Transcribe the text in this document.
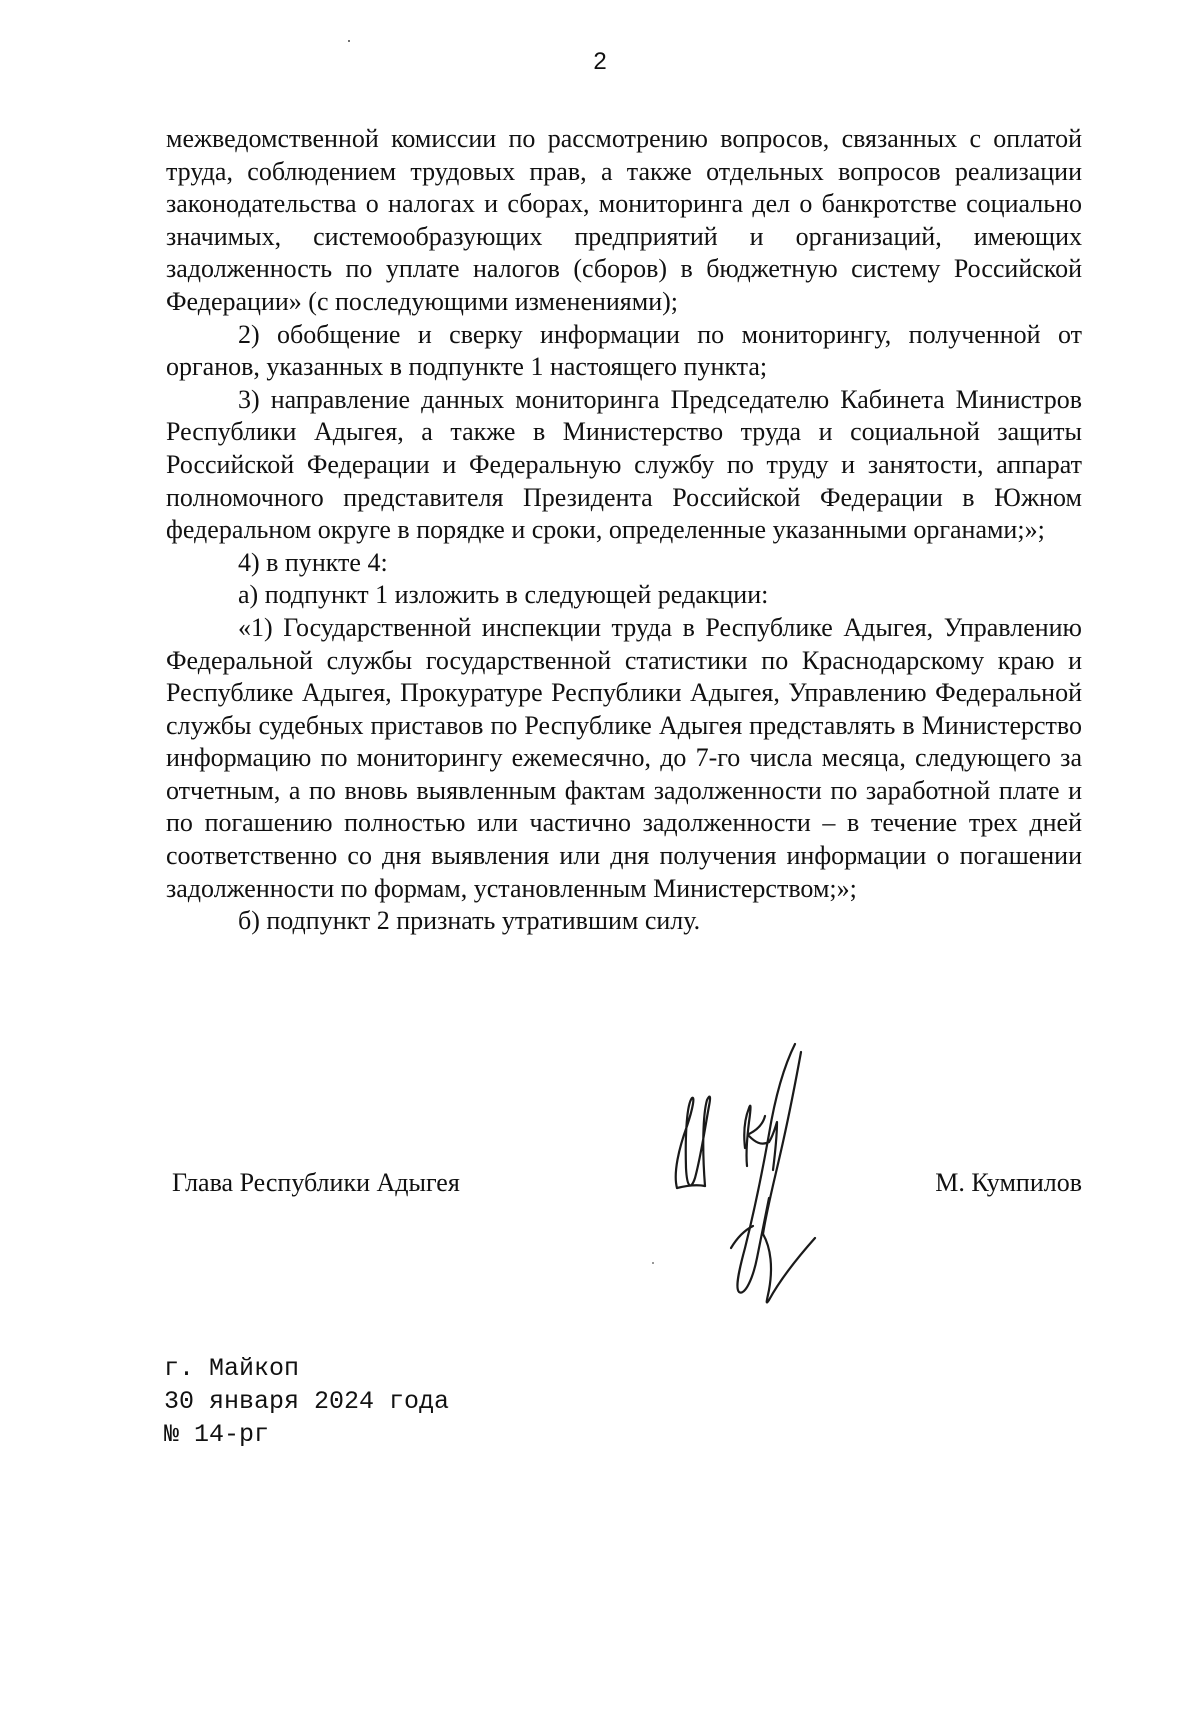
2

межведомственной комиссии по рассмотрению вопросов, связанных с оплатой труда, соблюдением трудовых прав, а также отдельных вопросов реализации законодательства о налогах и сборах, мониторинга дел о банкротстве социально значимых, системообразующих предприятий и организаций, имеющих задолженность по уплате налогов (сборов) в бюджетную систему Российской Федерации» (с последующими изменениями);

2) обобщение и сверку информации по мониторингу, полученной от органов, указанных в подпункте 1 настоящего пункта;

3) направление данных мониторинга Председателю Кабинета Министров Республики Адыгея, а также в Министерство труда и социальной защиты Российской Федерации и Федеральную службу по труду и занятости, аппарат полномочного представителя Президента Российской Федерации в Южном федеральном округе в порядке и сроки, определенные указанными органами;»;

4) в пункте 4:

а) подпункт 1 изложить в следующей редакции:

«1) Государственной инспекции труда в Республике Адыгея, Управлению Федеральной службы государственной статистики по Краснодарскому краю и Республике Адыгея, Прокуратуре Республики Адыгея, Управлению Федеральной службы судебных приставов по Республике Адыгея представлять в Министерство информацию по мониторингу ежемесячно, до 7-го числа месяца, следующего за отчетным, а по вновь выявленным фактам задолженности по заработной плате и по погашению полностью или частично задолженности – в течение трех дней соответственно со дня выявления или дня получения информации о погашении задолженности по формам, установленным Министерством;»;

б) подпункт 2 признать утратившим силу.

Глава Республики Адыгея	М. Кумпилов
г. Майкоп
30 января 2024 года
№ 14-рг
